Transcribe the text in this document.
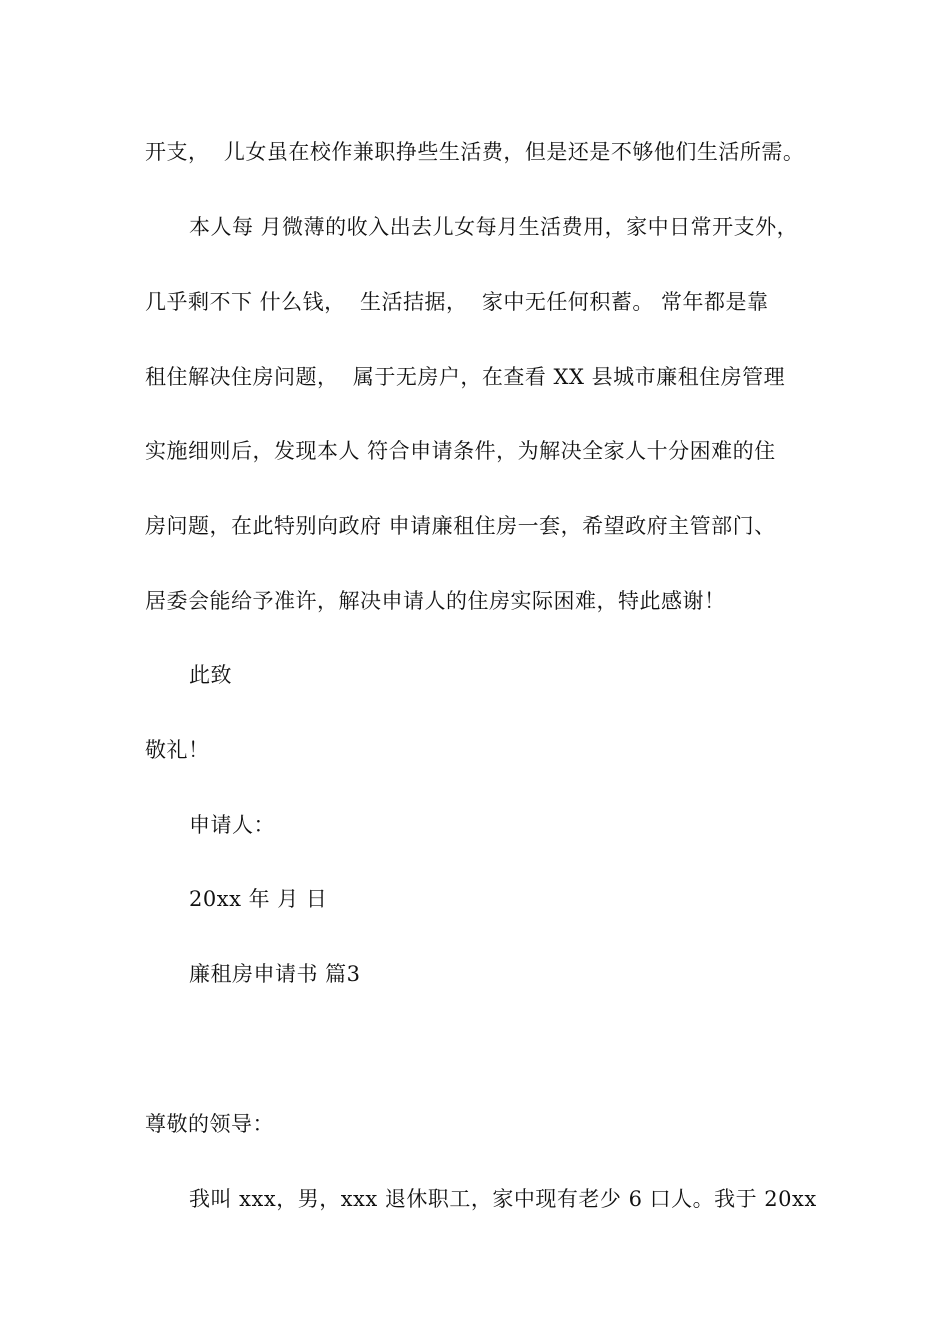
开支，  儿女虽在校作兼职挣些生活费，但是还是不够他们生活所需。
本人每 月微薄的收入出去儿女每月生活费用，家中日常开支外，
几乎剩不下 什么钱，  生活拮据，  家中无任何积蓄。 常年都是靠
租住解决住房问题，  属于无房户，在查看 XX 县城市廉租住房管理
实施细则后，发现本人 符合申请条件，为解决全家人十分困难的住
房问题，在此特别向政府 申请廉租住房一套，希望政府主管部门、
居委会能给予准许，解决申请人的住房实际困难，特此感谢！
此致
敬礼！
申请人：
20xx 年 月 日
廉租房申请书 篇3
尊敬的领导：
我叫 xxx，男，xxx 退休职工，家中现有老少 6 口人。我于 20xx
